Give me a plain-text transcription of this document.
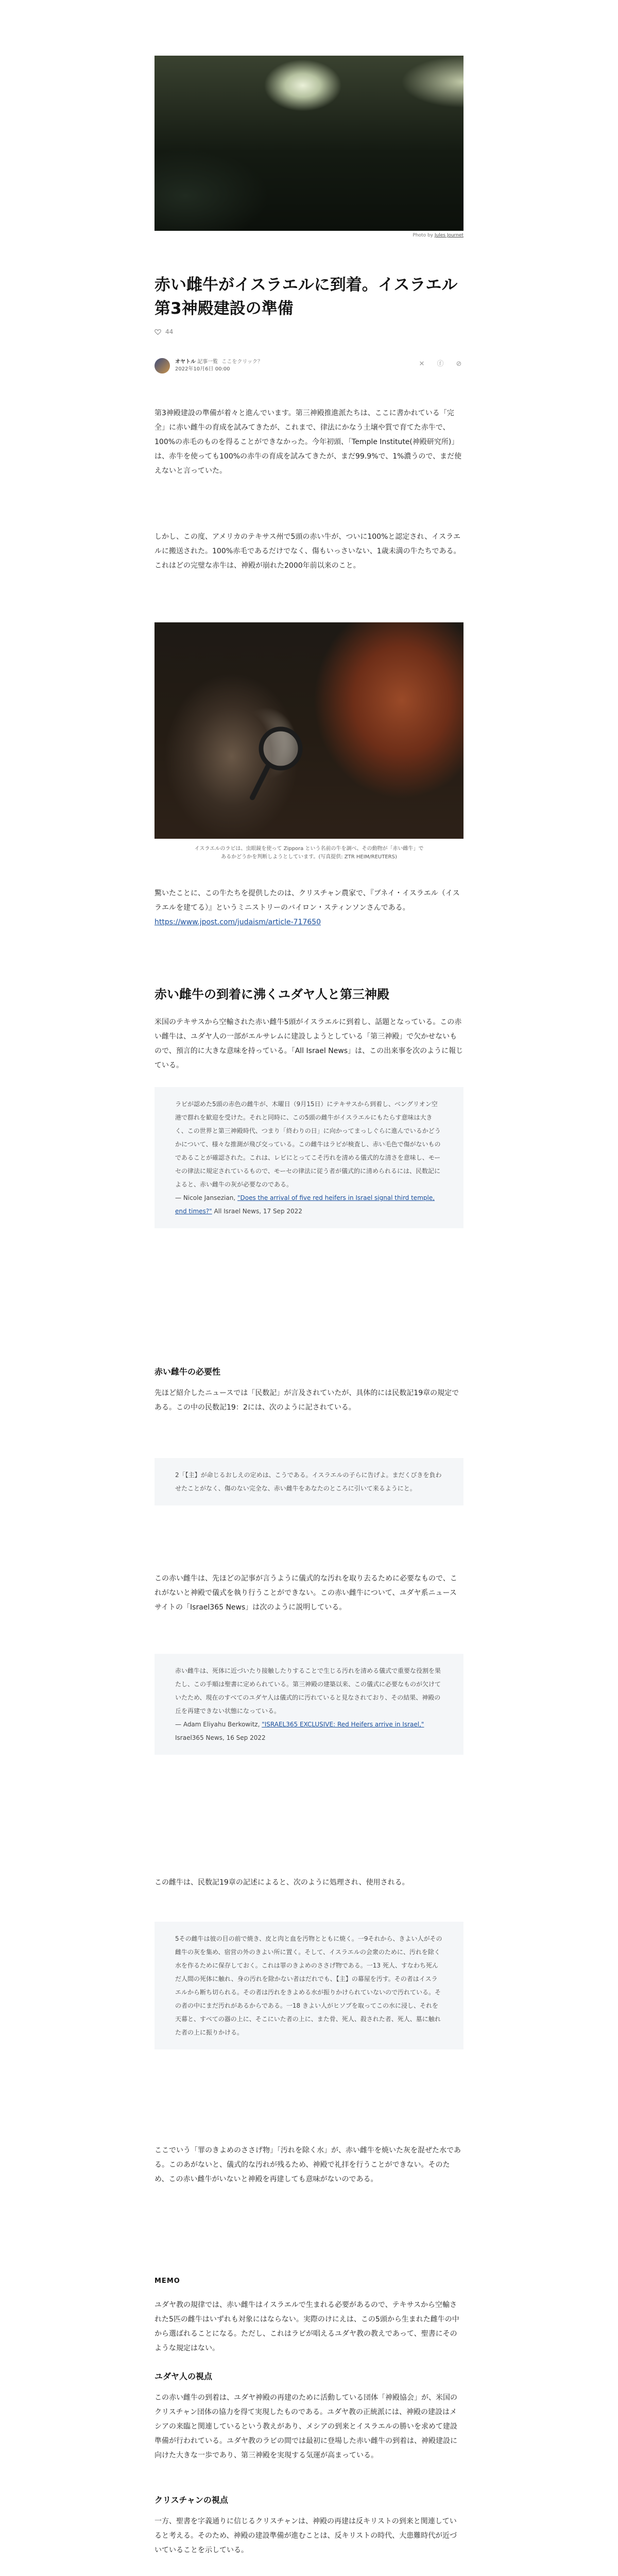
Photo by Jules Journet
赤い雌牛がイスラエルに到着。イスラエル
第3神殿建設の準備
44
オヤトル 記事一覧 ここをクリック？
2022年10月6日 00:00
✕ ⓕ ⊘

第3神殿建設の準備が着々と進んでいます。第三神殿推進派たちは、ここに書かれている「完全」に赤い雌牛の育成を試みてきたが、これまで、律法にかなう土壌や質で育てた赤牛で、100%の赤毛のものを得ることができなかった。今年初頭、「Temple Institute(神殿研究所)」は、赤牛を使っても100%の赤牛の育成を試みてきたが、まだ99.9%で、1%濃うので、まだ使えないと言っていた。

しかし、この度、アメリカのテキサス州で5頭の赤い牛が、ついに100%と認定され、イスラエルに搬送された。100%赤毛であるだけでなく、傷もいっさいない、1歳未満の牛たちである。これはどの完璧な赤牛は、神殿が崩れた2000年前以来のこと。

イスラエルのラビは、虫眼鏡を使って Zippora という名前の牛を調べ、その動物が「赤い雌牛」で
あるかどうかを判断しようとしています。(写真提供: ZTR HEIM/REUTERS)

驚いたことに、この牛たちを提供したのは、クリスチャン農家で、『ブネイ・イスラエル（イスラエルを建てる）』というミニストリーのバイロン・スティンソンさんである。

https://www.jpost.com/judaism/article-717650

赤い雌牛の到着に沸くユダヤ人と第三神殿

米国のテキサスから空輸された赤い雌牛5頭がイスラエルに到着し、話題となっている。この赤い雌牛は、ユダヤ人の一部がエルサレムに建設しようとしている「第三神殿」で欠かせないもので、預言的に大きな意味を持っている。「All Israel News」は、この出来事を次のように報じている。

ラビが認めた5頭の赤色の雌牛が、木曜日（9月15日）にテキサスから到着し、ベングリオン空港で群れを歓迎を受けた。それと同時に、この5頭の雌牛がイスラエルにもたらす意味は大きく、この世界と第三神殿時代、つまり「終わりの日」に向かってまっしぐらに進んでいるかどうかについて、様々な推測が飛び交っている。この雌牛はラビが検査し、赤い毛色で傷がないものであることが確認された。これは、レビにとってこそ汚れを清める儀式的な清さを意味し、モーセの律法に規定されているもので、モーセの律法に従う者が儀式的に清められるには、民数記によると、赤い雌牛の灰が必要なのである。

— Nicole Jansezian, "Does the arrival of five red heifers in Israel signal third temple, end times?" All Israel News, 17 Sep 2022

赤い雌牛の必要性

先ほど紹介したニュースでは「民数記」が言及されていたが、具体的には民数記19章の規定である。この中の民数記19：2には、次のように記されている。

2「【主】が命じるおしえの定めは、こうである。イスラエルの子らに告げよ。まだくびきを負わせたことがなく、傷のない完全な、赤い雌牛をあなたのところに引いて来るようにと。

この赤い雌牛は、先ほどの記事が言うように儀式的な汚れを取り去るために必要なもので、これがないと神殿で儀式を執り行うことができない。この赤い雌牛について、ユダヤ系ニュースサイトの「Israel365 News」は次のように説明している。

赤い雌牛は、死体に近づいたり接触したりすることで生じる汚れを清める儀式で重要な役割を果たし、この手順は聖書に定められている。第三神殿の建築以来、この儀式に必要なものが欠けていたため、現在のすべてのユダヤ人は儀式的に汚れていると見なされており、その結果、神殿の丘を再建できない状態になっている。

— Adam Eliyahu Berkowitz, "ISRAEL365 EXCLUSIVE: Red Heifers arrive in Israel," Israel365 News, 16 Sep 2022

この雌牛は、民数記19章の記述によると、次のように処理され、使用される。

5その雌牛は彼の目の前で焼き、皮と肉と血を汚物とともに焼く。一9それから、きよい人がその雌牛の灰を集め、宿営の外のきよい所に置く。そして、イスラエルの会衆のために、汚れを除く水を作るために保存しておく。これは罪のきよめのささげ物である。一13 死人、すなわち死んだ人間の死体に触れ、身の汚れを除かない者はだれでも、【主】の幕屋を汚す。その者はイスラエルから断ち切られる。その者は汚れをきよめる水が振りかけられていないので汚れている。その者の中にまだ汚れがあるからである。一18 きよい人がヒソプを取ってこの水に浸し、それを天幕と、すべての器の上に、そこにいた者の上に、また骨、死人、殺された者、死人、墓に触れた者の上に振りかける。

ここでいう「罪のきよめのささげ物」「汚れを除く水」が、赤い雌牛を焼いた灰を混ぜた水である。このあがないと、儀式的な汚れが残るため、神殿で礼拝を行うことができない。そのため、この赤い雌牛がいないと神殿を再建しても意味がないのである。

MEMO

ユダヤ教の規律では、赤い雌牛はイスラエルで生まれる必要があるので、テキサスから空輸された5匹の雌牛はいずれも対象にはならない。実際のけにえは、この5頭から生まれた雌牛の中から選ばれることになる。ただし、これはラビが唱えるユダヤ教の教えであって、聖書にそのような規定はない。

ユダヤ人の視点

この赤い雌牛の到着は、ユダヤ神殿の再建のために活動している団体「神殿協会」が、米国のクリスチャン団体の協力を得て実現したものである。ユダヤ教の正統派には、神殿の建設はメシアの来臨と関連しているという教えがあり、メシアの到来とイスラエルの勝いを求めて建設準備が行われている。ユダヤ教のラビの間では最初に登場した赤い雌牛の到着は、神殿建設に向けた大きな一歩であり、第三神殿を実現する気運が高まっている。

クリスチャンの視点

一方、聖書を字義通りに信じるクリスチャンは、神殿の再建は反キリストの到来と関連していると考える。そのため、神殿の建設準備が進むことは、反キリストの時代、大患難時代が近づいていることを示している。
